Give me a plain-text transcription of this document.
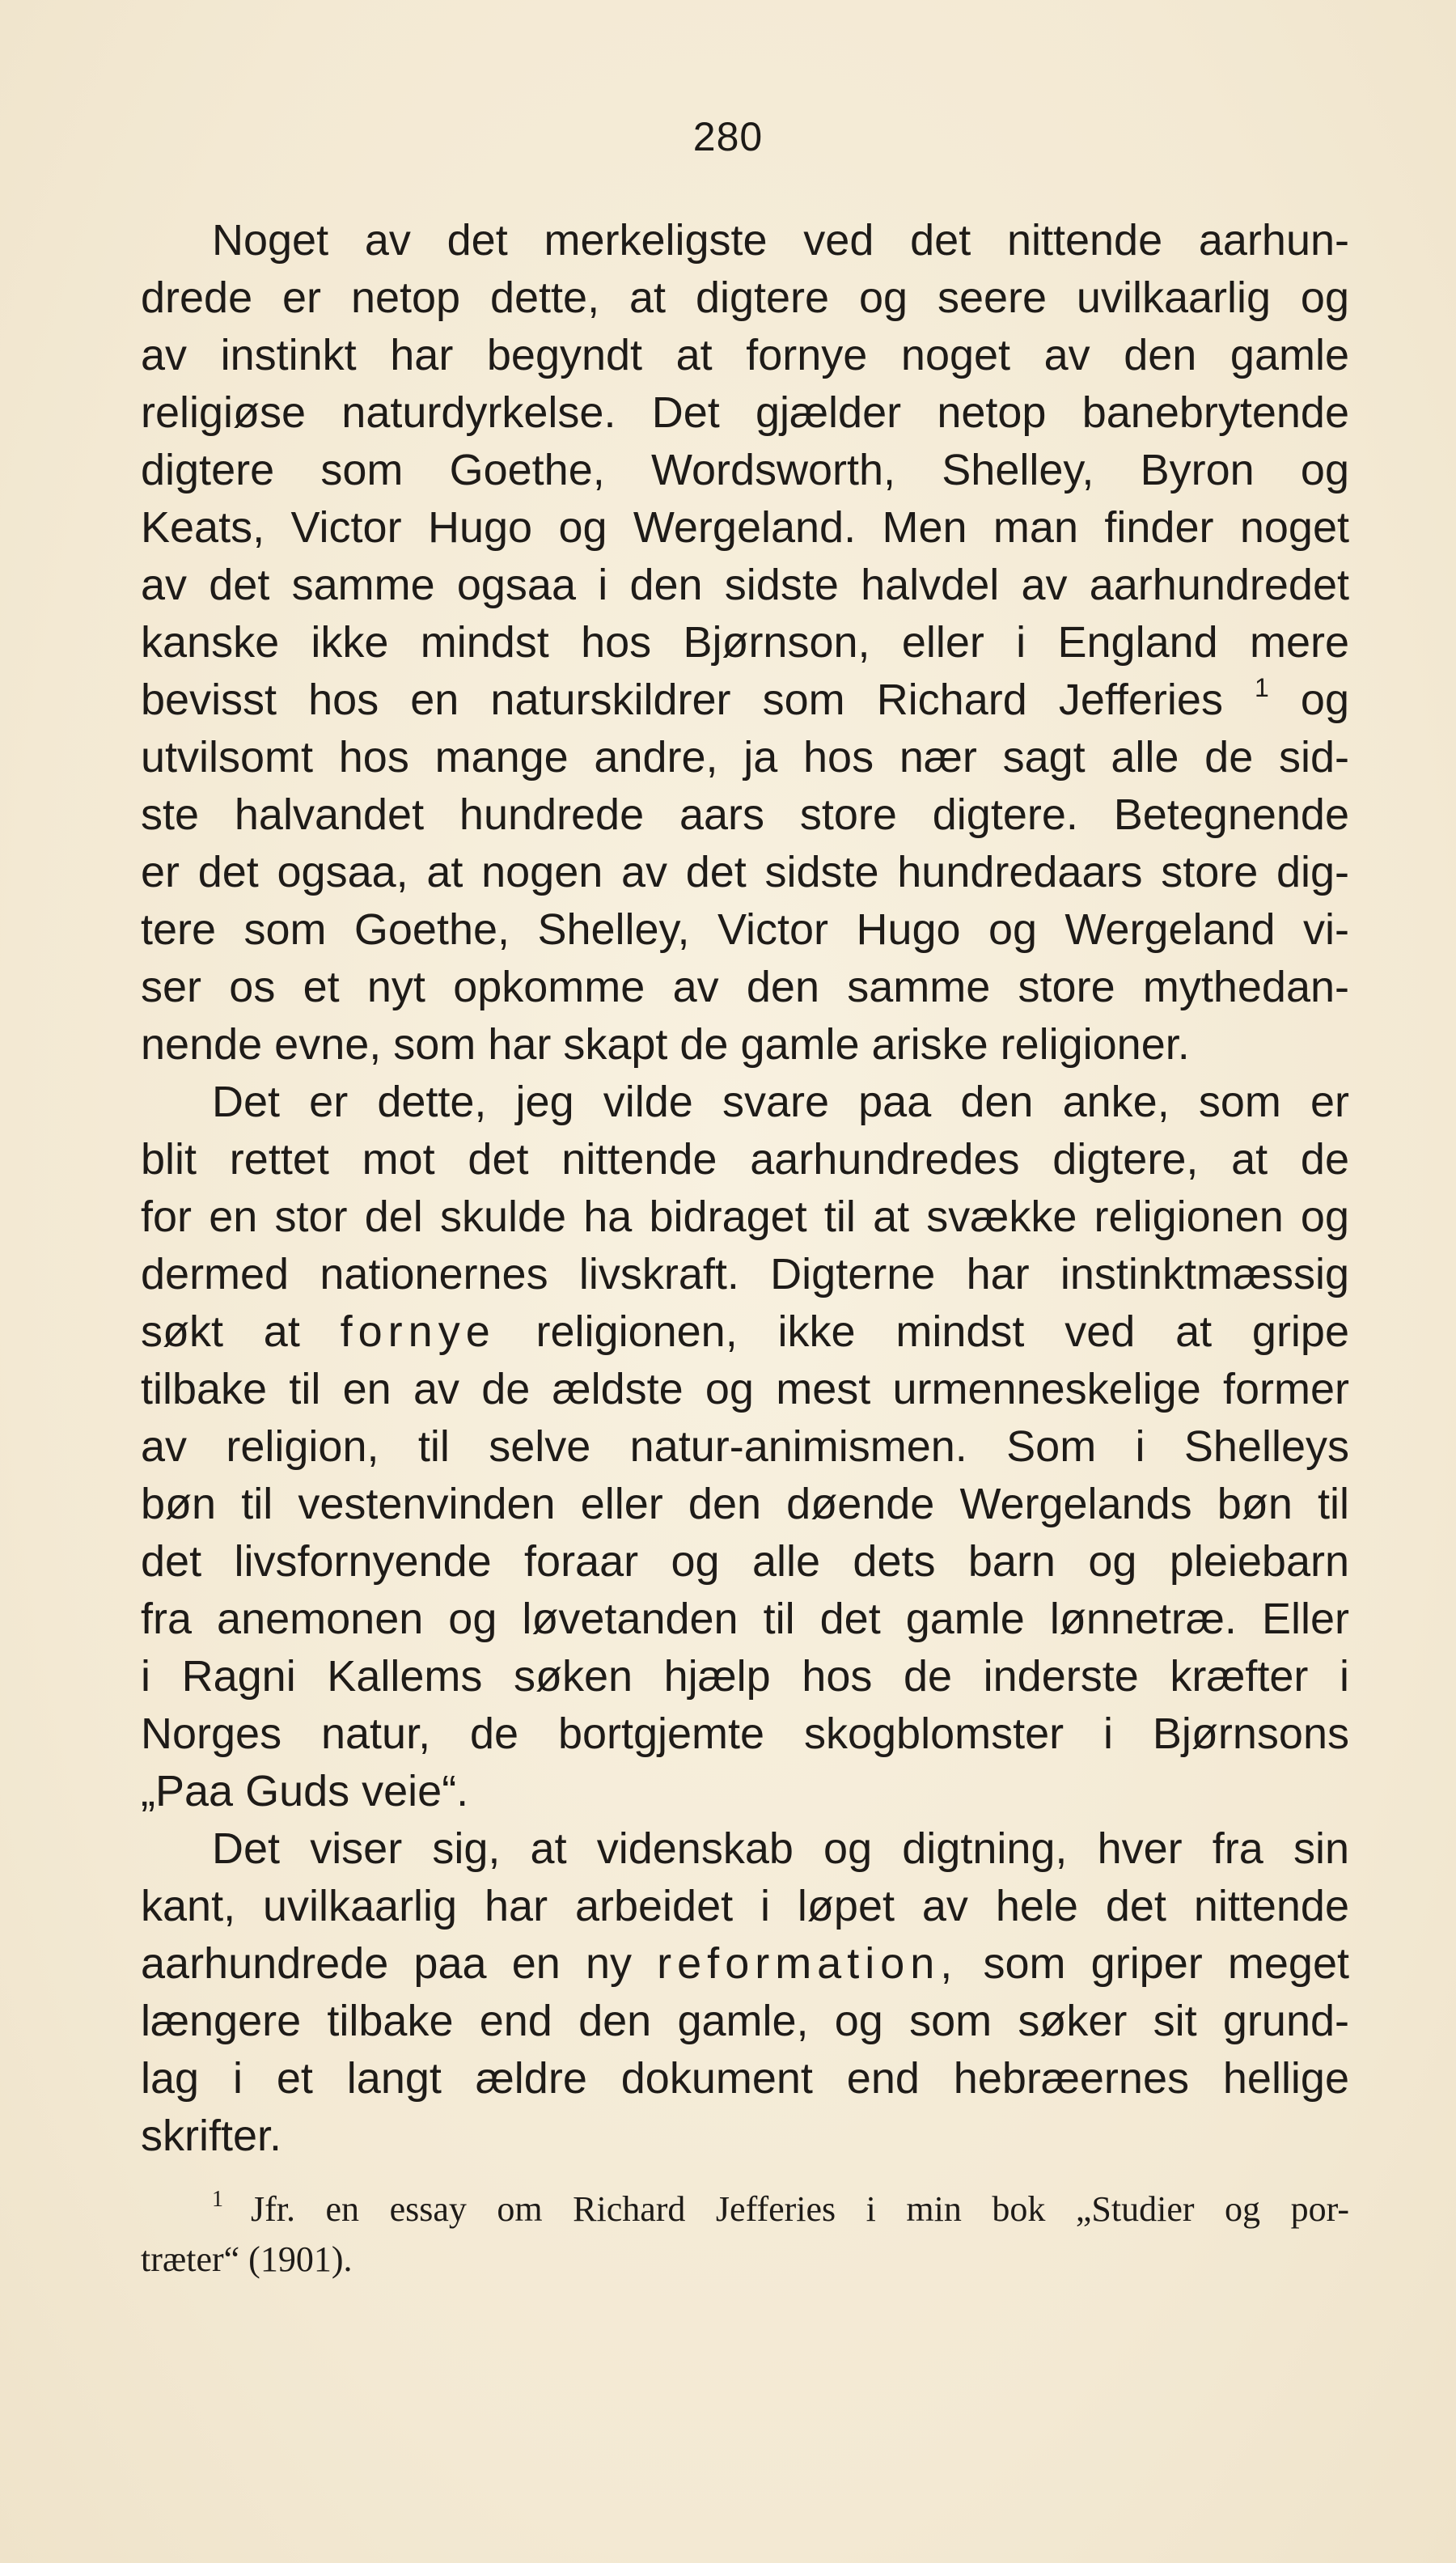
280
Noget av det merkeligste ved det nittende aarhun-
drede er netop dette, at digtere og seere uvilkaarlig og
av instinkt har begyndt at fornye noget av den gamle
religiøse naturdyrkelse. Det gjælder netop banebrytende
digtere som Goethe, Wordsworth, Shelley, Byron og
Keats, Victor Hugo og Wergeland. Men man finder noget
av det samme ogsaa i den sidste halvdel av aarhundredet
kanske ikke mindst hos Bjørnson, eller i England mere
bevisst hos en naturskildrer som Richard Jefferies $^1$ og
utvilsomt hos mange andre, ja hos nær sagt alle de sid-
ste halvandet hundrede aars store digtere. Betegnende
er det ogsaa, at nogen av det sidste hundredaars store dig-
tere som Goethe, Shelley, Victor Hugo og Wergeland vi-
ser os et nyt opkomme av den samme store mythedan-
nende evne, som har skapt de gamle ariske religioner.
Det er dette, jeg vilde svare paa den anke, som er
blit rettet mot det nittende aarhundredes digtere, at de
for en stor del skulde ha bidraget til at svække religionen og
dermed nationernes livskraft. Digterne har instinktmæssig
søkt at fornye religionen, ikke mindst ved at gripe
tilbake til en av de ældste og mest urmenneskelige former
av religion, til selve natur-animismen. Som i Shelleys
bøn til vestenvinden eller den døende Wergelands bøn til
det livsfornyende foraar og alle dets barn og pleiebarn
fra anemonen og løvetanden til det gamle lønnetræ. Eller
i Ragni Kallems søken hjælp hos de inderste kræfter i
Norges natur, de bortgjemte skogblomster i Bjørnsons
„Paa Guds veie“.
Det viser sig, at videnskab og digtning, hver fra sin
kant, uvilkaarlig har arbeidet i løpet av hele det nittende
aarhundrede paa en ny reformation, som griper meget
længere tilbake end den gamle, og som søker sit grund-
lag i et langt ældre dokument end hebræernes hellige
skrifter.
$^1$ Jfr. en essay om Richard Jefferies i min bok „Studier og por-
træter“ (1901).
